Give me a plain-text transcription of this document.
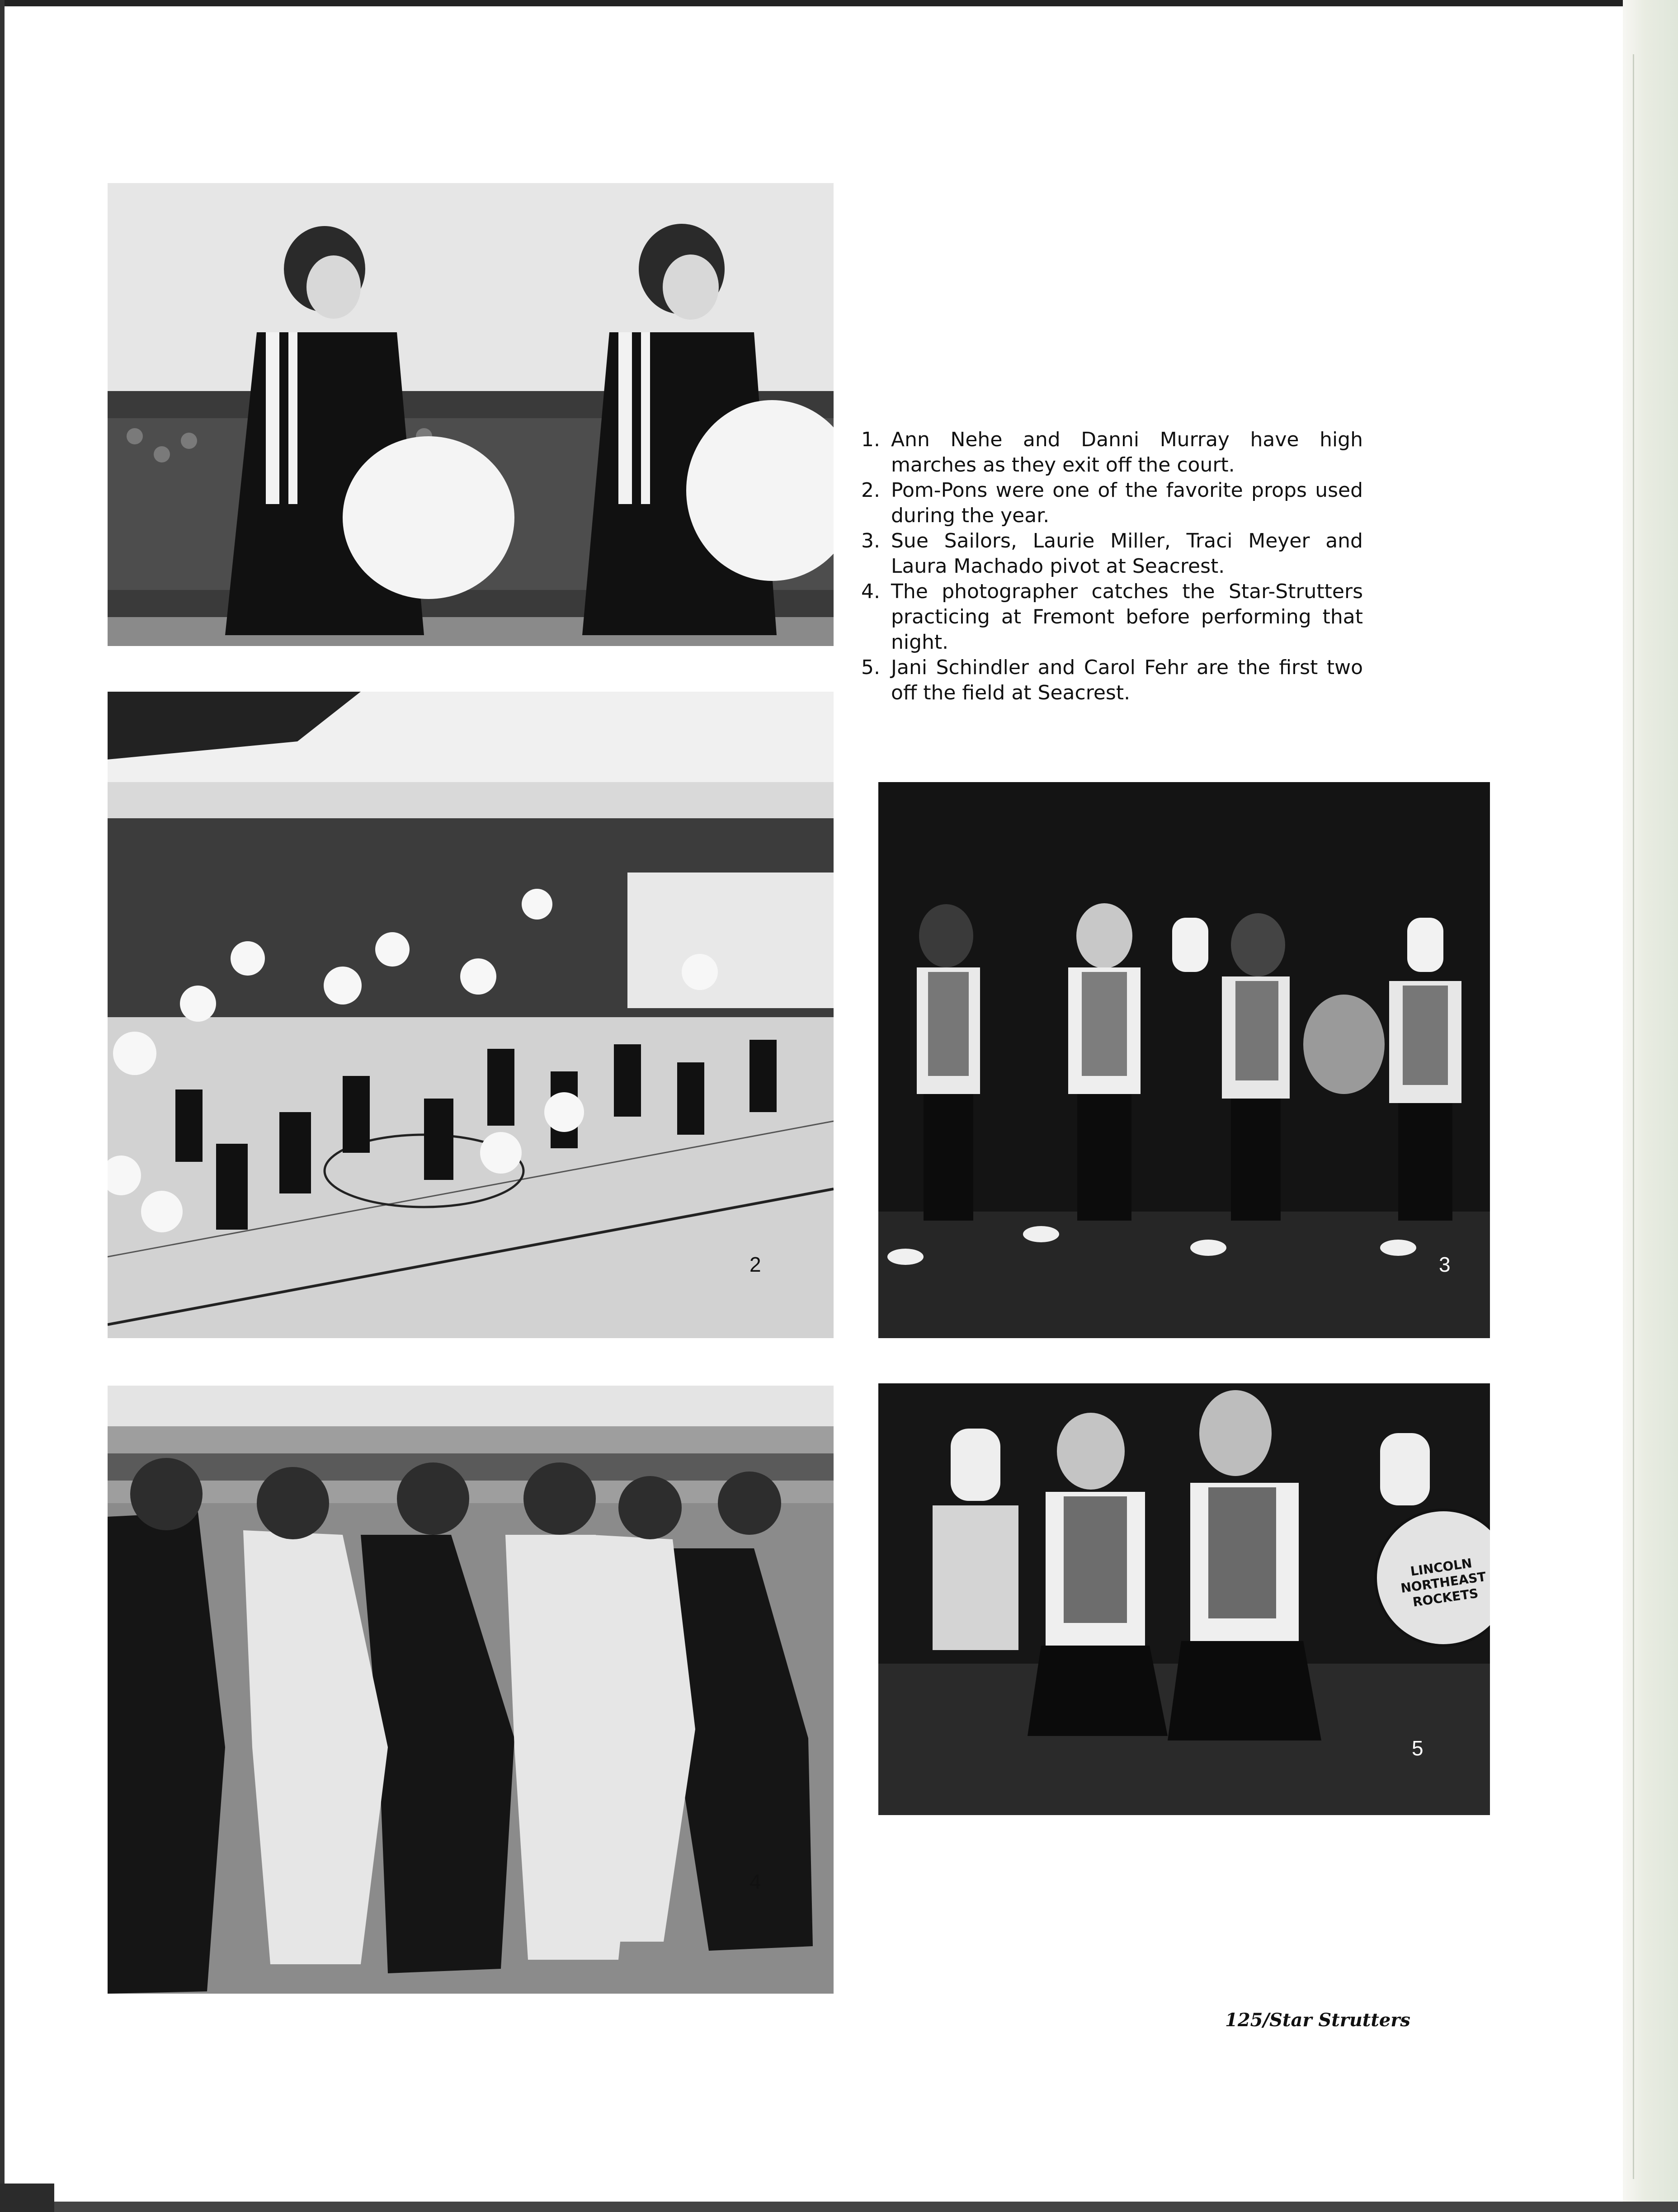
2	3
4
LINCOLN NORTHEAST ROCKETS
5
1. Ann Nehe and Danni Murray have high marches as they exit off the court.
2. Pom-Pons were one of the favorite props used during the year.
3. Sue Sailors, Laurie Miller, Traci Meyer and Laura Machado pivot at Seacrest.
4. The photographer catches the Star-Strutters practicing at Fremont before performing that night.
5. Jani Schindler and Carol Fehr are the first two off the field at Seacrest.
125/Star Strutters
